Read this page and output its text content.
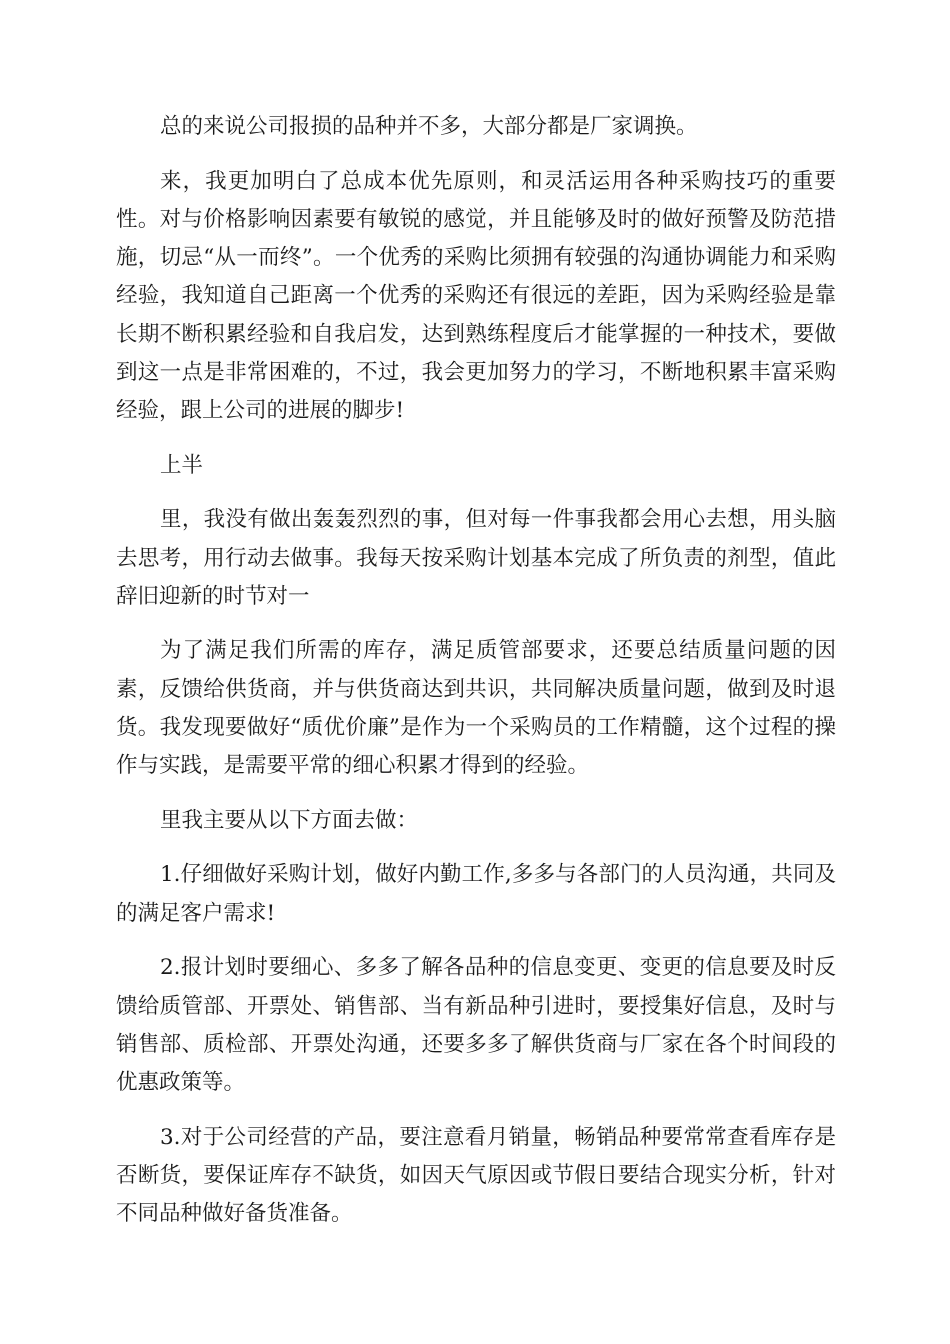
总的来说公司报损的品种并不多，大部分都是厂家调换。

来，我更加明白了总成本优先原则，和灵活运用各种采购技巧的重要性。对与价格影响因素要有敏锐的感觉，并且能够及时的做好预警及防范措施，切忌“从一而终”。一个优秀的采购比须拥有较强的沟通协调能力和采购经验，我知道自己距离一个优秀的采购还有很远的差距，因为采购经验是靠长期不断积累经验和自我启发，达到熟练程度后才能掌握的一种技术，要做到这一点是非常困难的，不过，我会更加努力的学习，不断地积累丰富采购经验，跟上公司的进展的脚步!

上半

里，我没有做出轰轰烈烈的事，但对每一件事我都会用心去想，用头脑去思考，用行动去做事。我每天按采购计划基本完成了所负责的剂型，值此辞旧迎新的时节对一

为了满足我们所需的库存，满足质管部要求，还要总结质量问题的因素，反馈给供货商，并与供货商达到共识，共同解决质量问题，做到及时退货。我发现要做好“质优价廉”是作为一个采购员的工作精髓，这个过程的操作与实践，是需要平常的细心积累才得到的经验。

里我主要从以下方面去做：

1.仔细做好采购计划，做好内勤工作,多多与各部门的人员沟通，共同及的满足客户需求!

2.报计划时要细心、多多了解各品种的信息变更、变更的信息要及时反馈给质管部、开票处、销售部、当有新品种引进时，要授集好信息，及时与销售部、质检部、开票处沟通，还要多多了解供货商与厂家在各个时间段的优惠政策等。

3.对于公司经营的产品，要注意看月销量，畅销品种要常常查看库存是否断货，要保证库存不缺货，如因天气原因或节假日要结合现实分析，针对不同品种做好备货准备。
